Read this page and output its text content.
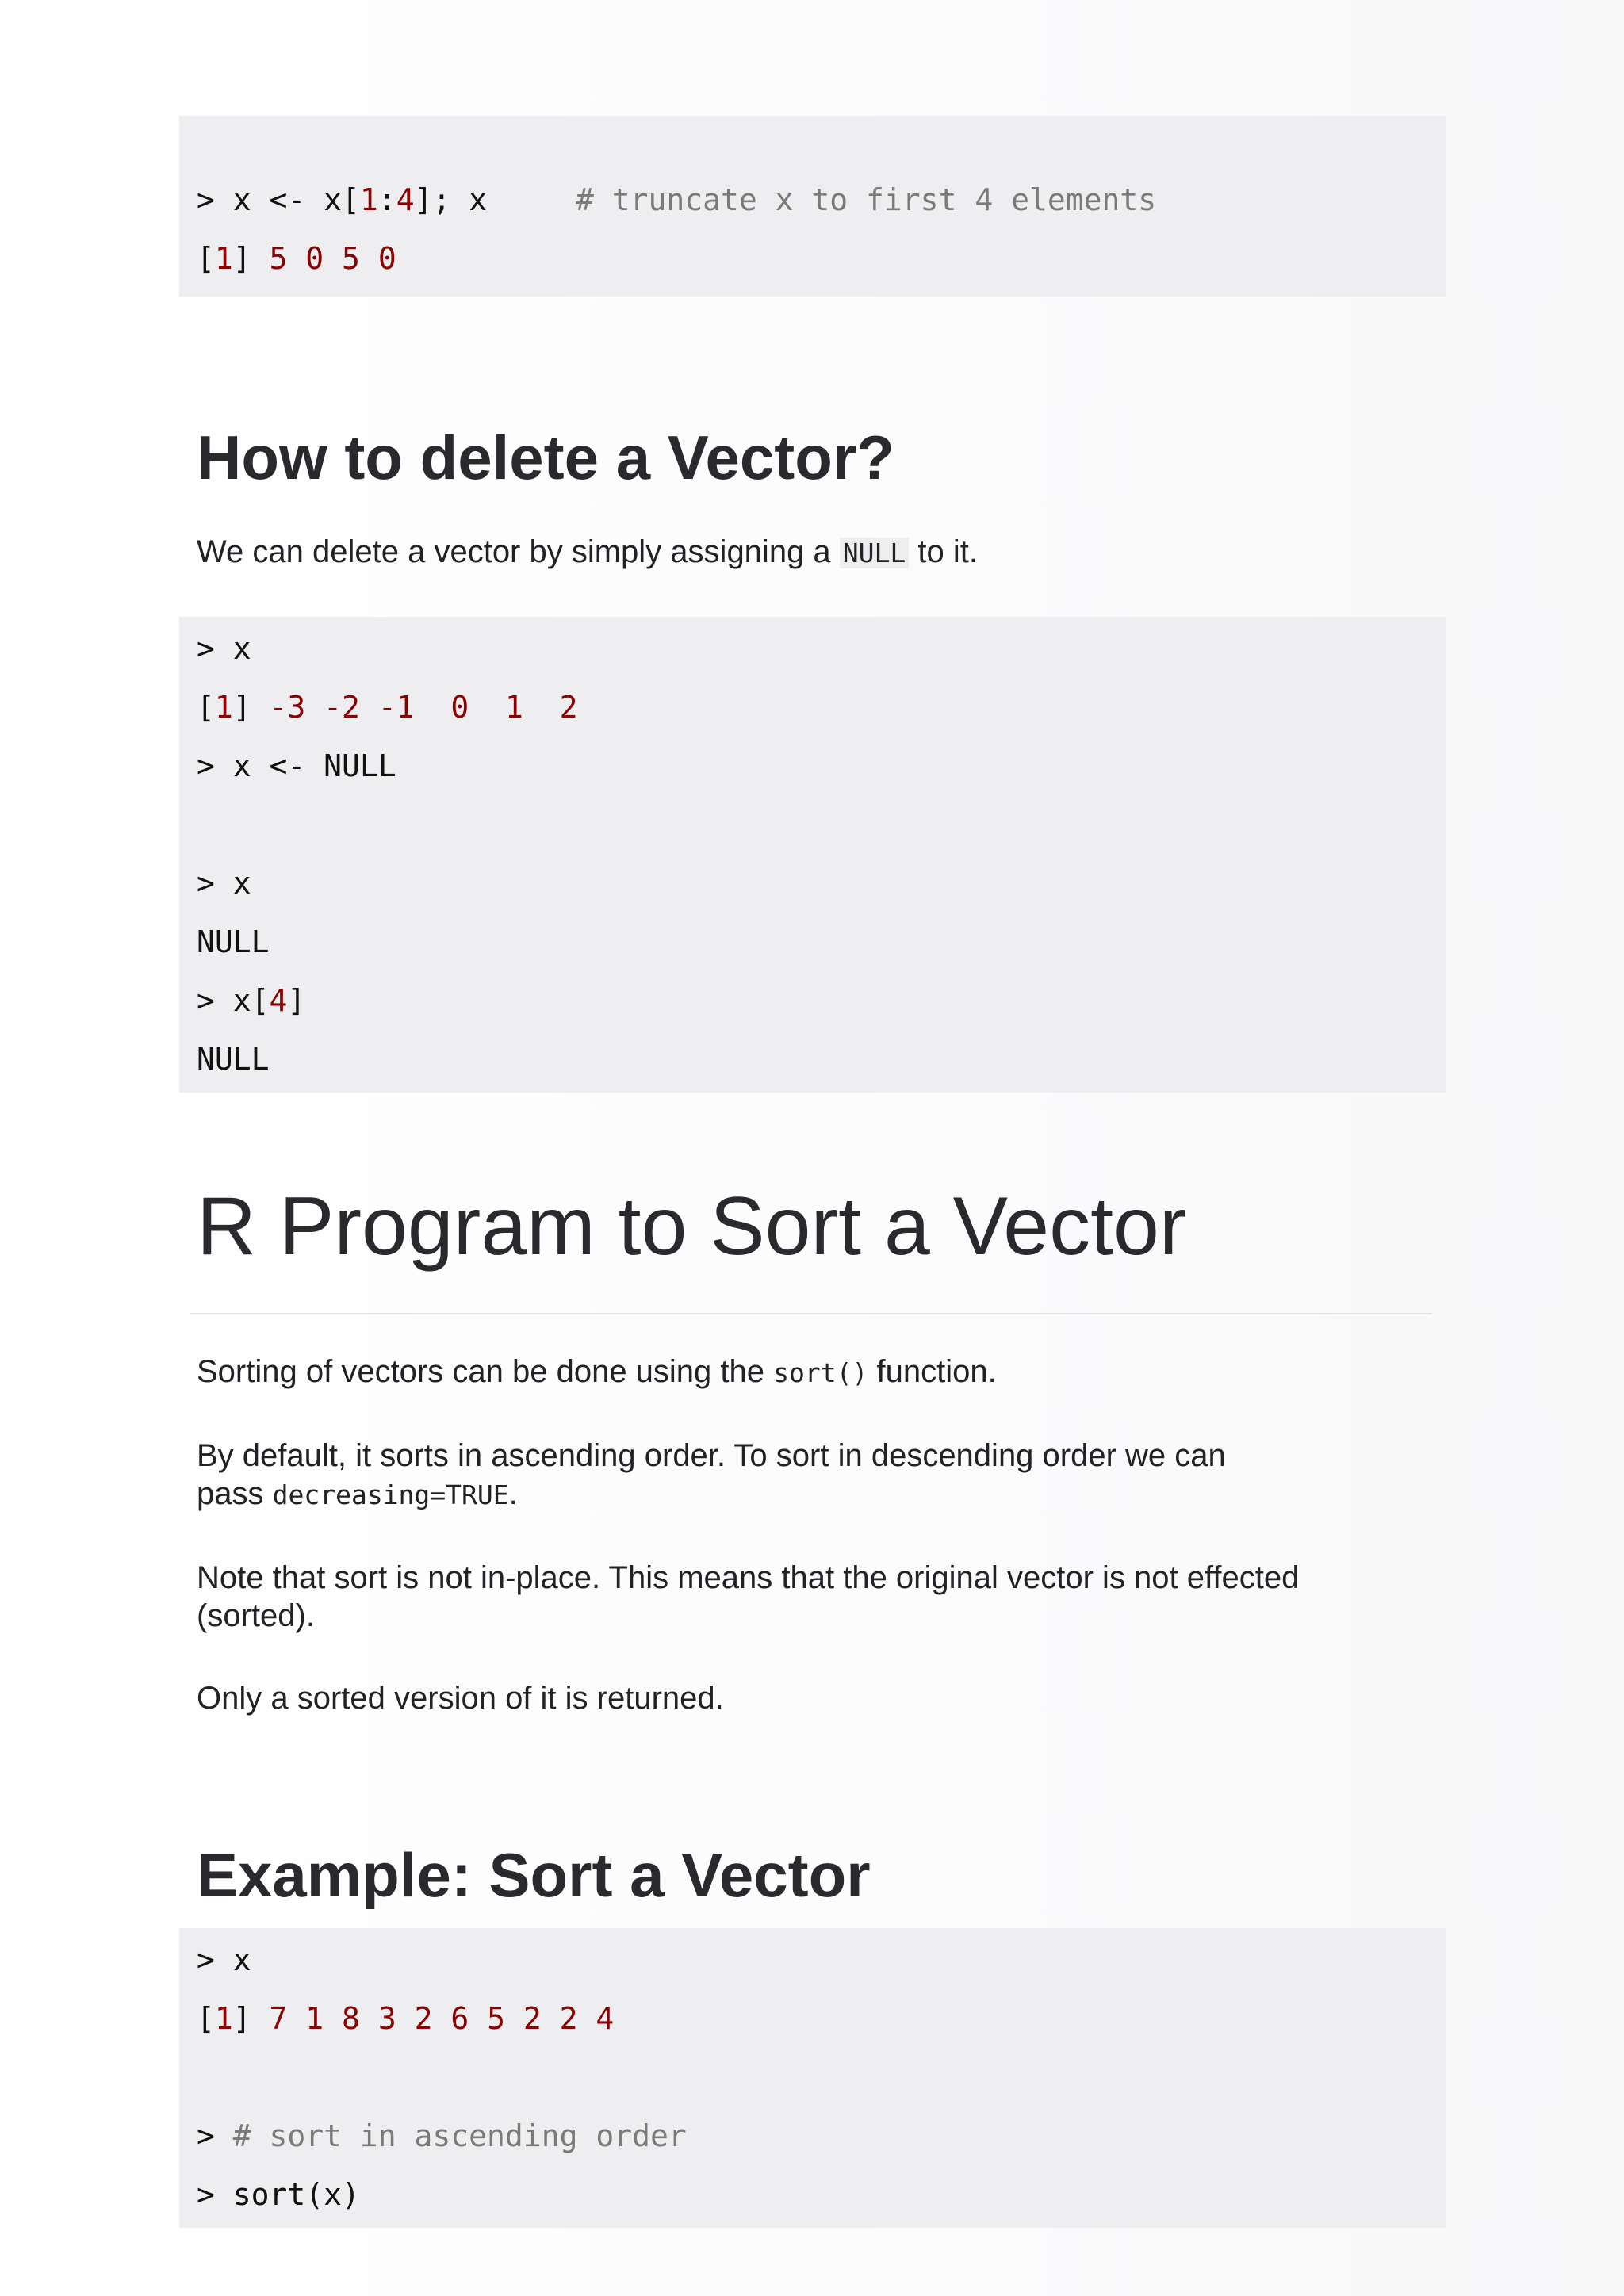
> x <- x[1:4]; x	# truncate x to first 4 elements
[1] 5 0 5 0
How to delete a Vector?

We can delete a vector by simply assigning a NULL to it.

> x
[1] -3 -2 -1  0  1  2
> x <- NULL
> x
NULL
> x[4]
NULL
R Program to Sort a Vector

Sorting of vectors can be done using the sort() function.

By default, it sorts in ascending order. To sort in descending order we can
pass decreasing=TRUE.

Note that sort is not in-place. This means that the original vector is not effected (sorted).

Only a sorted version of it is returned.

Example: Sort a Vector
> x
[1] 7 1 8 3 2 6 5 2 2 4
> # sort in ascending order
> sort(x)
